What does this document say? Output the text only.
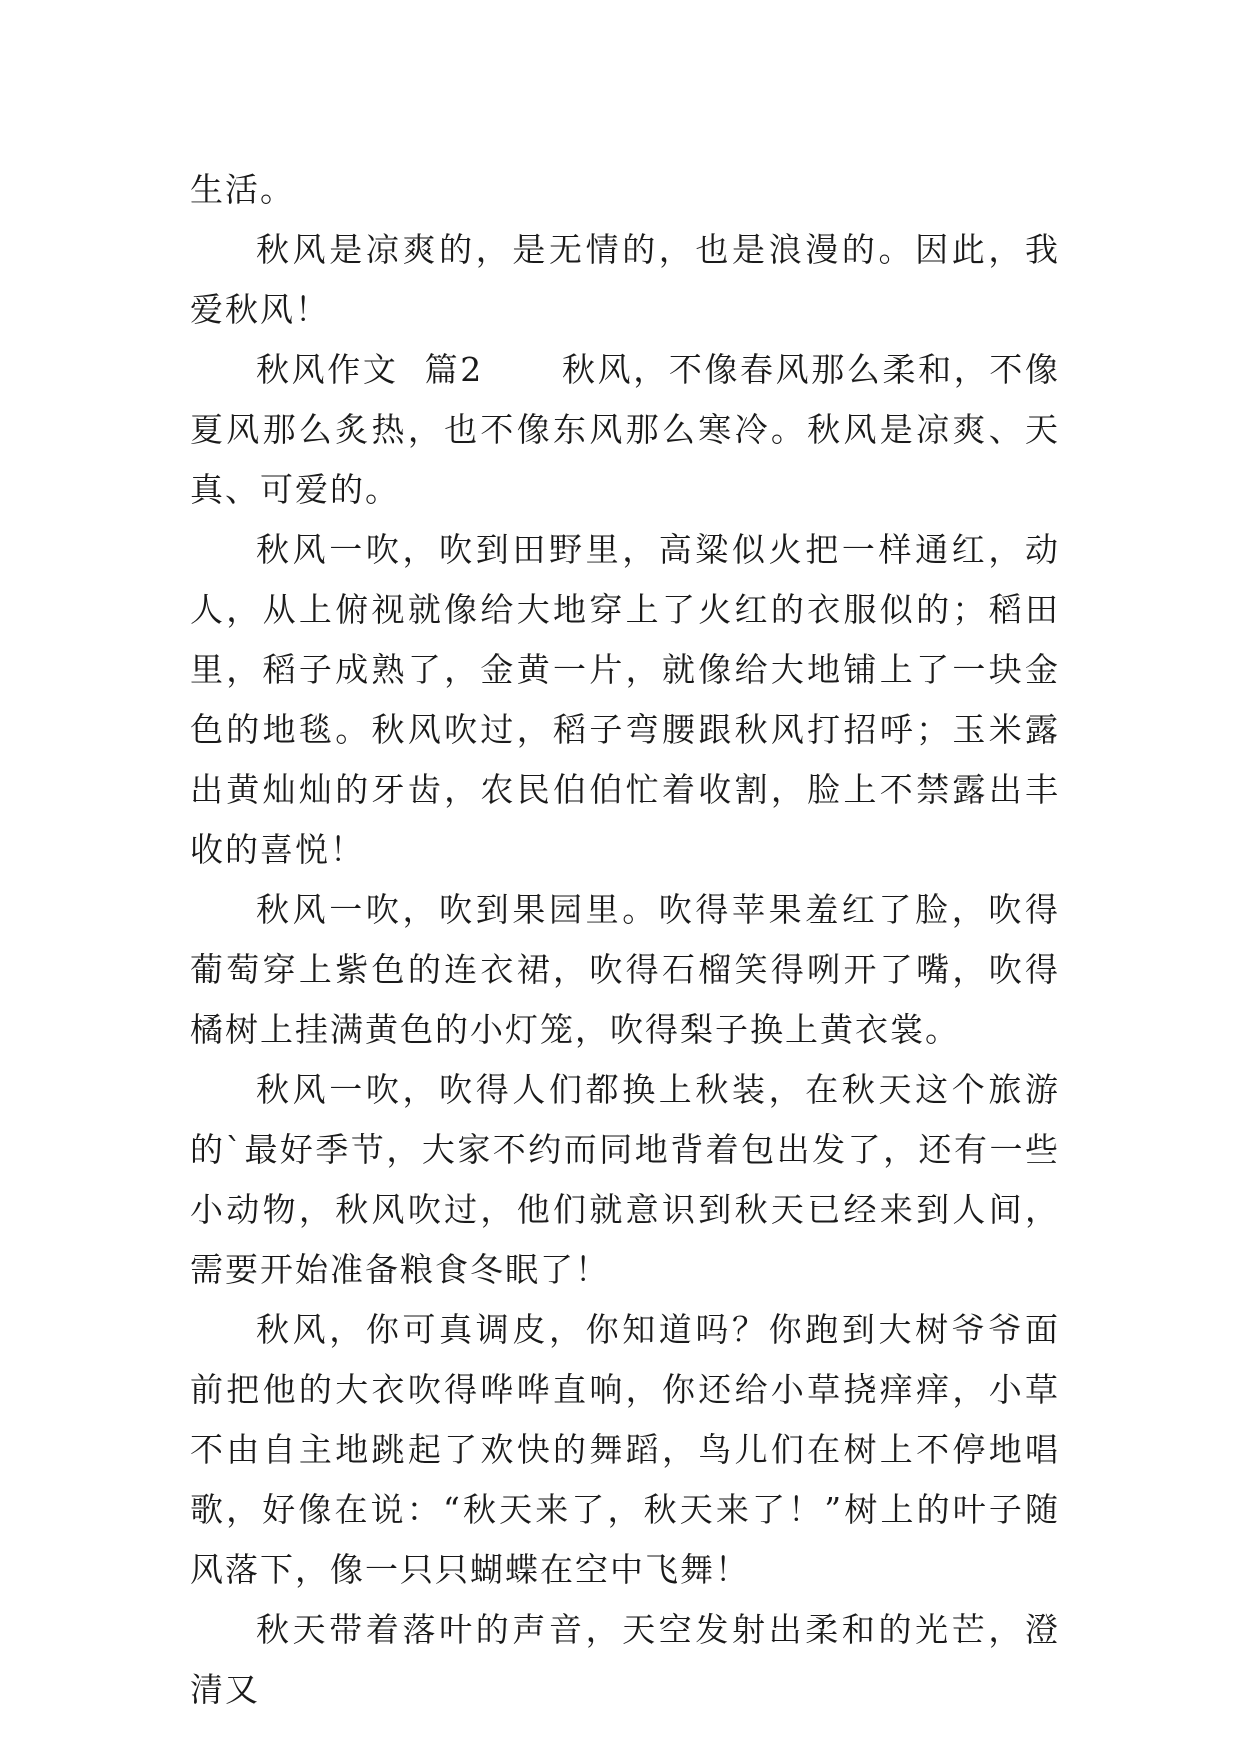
生活。

秋风是凉爽的，是无情的，也是浪漫的。因此，我爱秋风！

秋风作文  篇2 秋风，不像春风那么柔和，不像夏风那么炙热，也不像东风那么寒冷。秋风是凉爽、天真、可爱的。

秋风一吹，吹到田野里，高粱似火把一样通红，动人，从上俯视就像给大地穿上了火红的衣服似的；稻田里，稻子成熟了，金黄一片，就像给大地铺上了一块金色的地毯。秋风吹过，稻子弯腰跟秋风打招呼；玉米露出黄灿灿的牙齿，农民伯伯忙着收割，脸上不禁露出丰收的喜悦！

秋风一吹，吹到果园里。吹得苹果羞红了脸，吹得葡萄穿上紫色的连衣裙，吹得石榴笑得咧开了嘴，吹得橘树上挂满黄色的小灯笼，吹得梨子换上黄衣裳。

秋风一吹，吹得人们都换上秋装，在秋天这个旅游的`最好季节，大家不约而同地背着包出发了，还有一些小动物，秋风吹过，他们就意识到秋天已经来到人间，需要开始准备粮食冬眠了！

秋风，你可真调皮，你知道吗？你跑到大树爷爷面前把他的大衣吹得哗哗直响，你还给小草挠痒痒，小草不由自主地跳起了欢快的舞蹈，鸟儿们在树上不停地唱歌，好像在说：“秋天来了，秋天来了！”树上的叶子随风落下，像一只只蝴蝶在空中飞舞！

秋天带着落叶的声音，天空发射出柔和的光芒，澄清又
